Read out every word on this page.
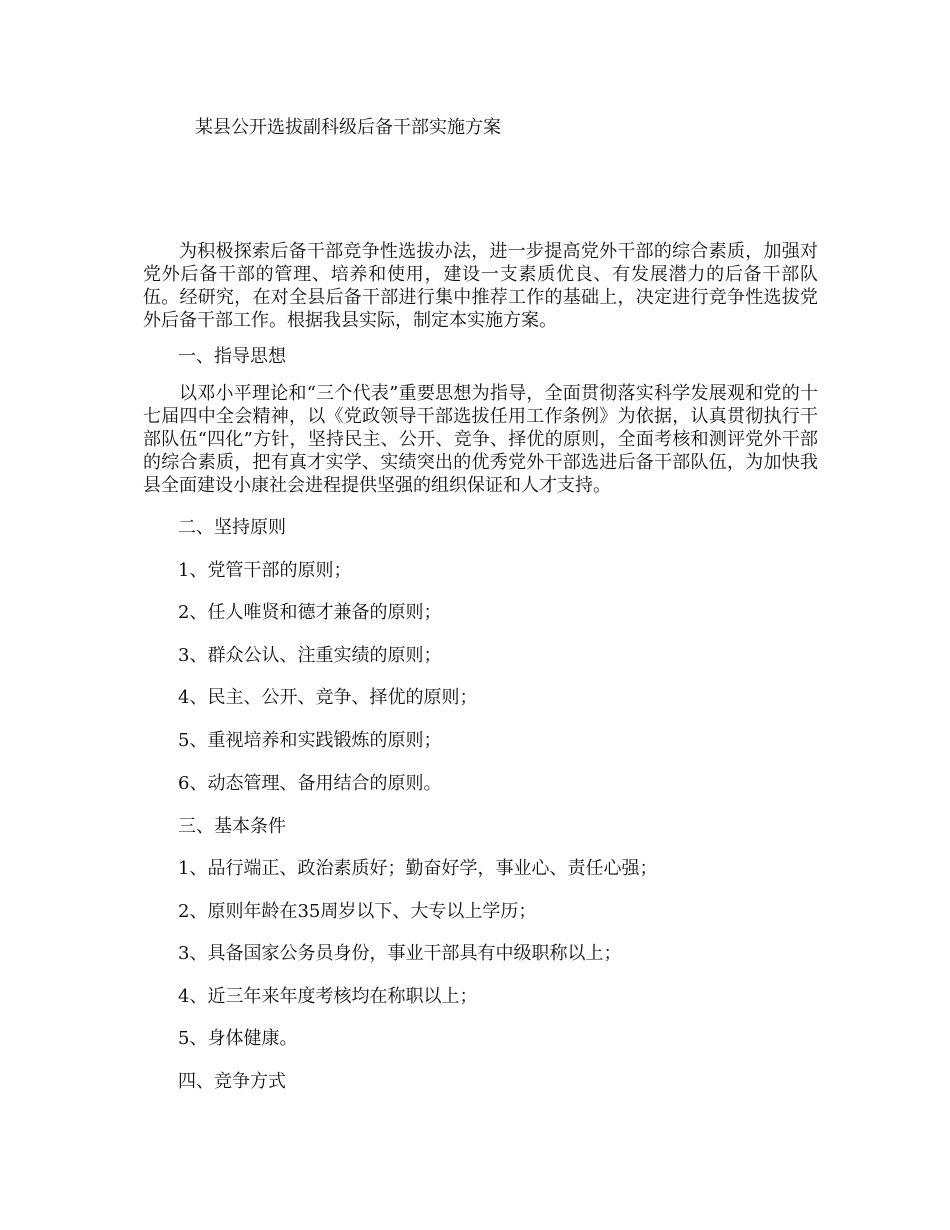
某县公开选拔副科级后备干部实施方案

为积极探索后备干部竞争性选拔办法，进一步提高党外干部的综合素质，加强对党外后备干部的管理、培养和使用，建设一支素质优良、有发展潜力的后备干部队伍。经研究，在对全县后备干部进行集中推荐工作的基础上，决定进行竞争性选拔党外后备干部工作。根据我县实际，制定本实施方案。

一、指导思想

以邓小平理论和“三个代表”重要思想为指导，全面贯彻落实科学发展观和党的十七届四中全会精神，以《党政领导干部选拔任用工作条例》为依据，认真贯彻执行干部队伍“四化”方针，坚持民主、公开、竞争、择优的原则，全面考核和测评党外干部的综合素质，把有真才实学、实绩突出的优秀党外干部选进后备干部队伍，为加快我县全面建设小康社会进程提供坚强的组织保证和人才支持。

二、坚持原则
1、党管干部的原则；
2、任人唯贤和德才兼备的原则；
3、群众公认、注重实绩的原则；
4、民主、公开、竞争、择优的原则；
5、重视培养和实践锻炼的原则；
6、动态管理、备用结合的原则。
三、基本条件
1、品行端正、政治素质好；勤奋好学，事业心、责任心强；
2、原则年龄在35周岁以下、大专以上学历；
3、具备国家公务员身份，事业干部具有中级职称以上；
4、近三年来年度考核均在称职以上；
5、身体健康。
四、竞争方式
